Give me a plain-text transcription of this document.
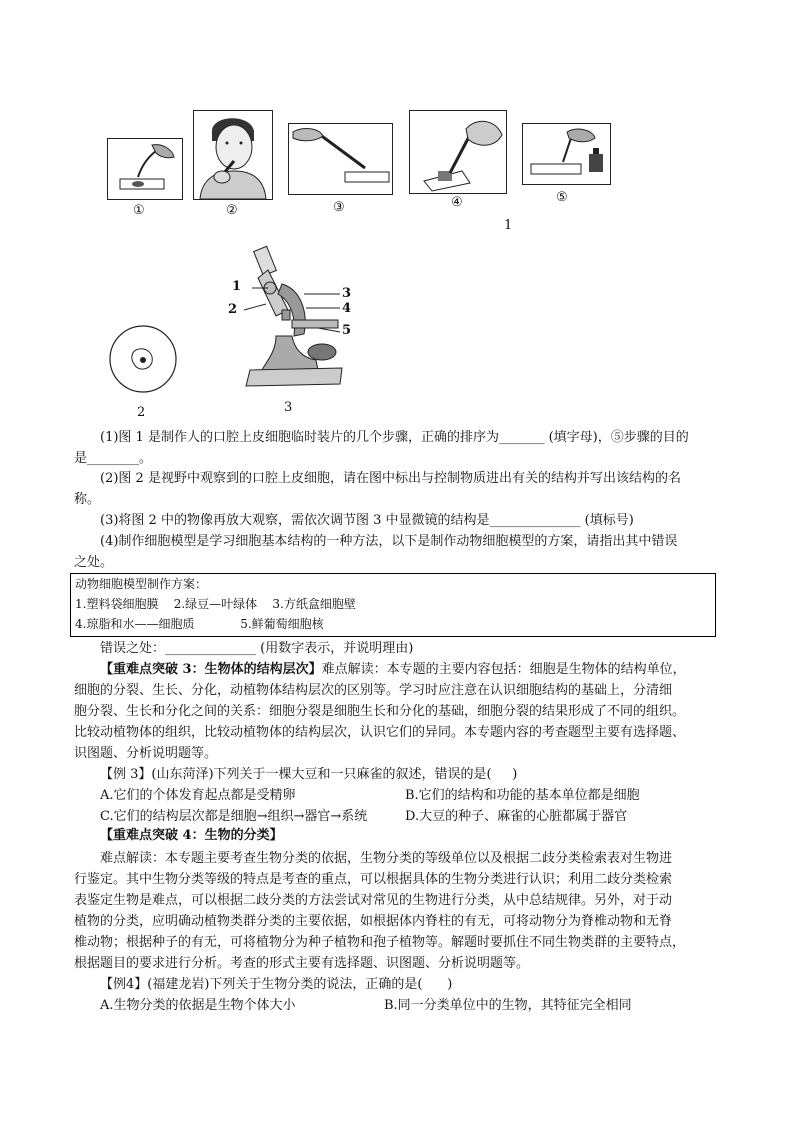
①	②	③	④	⑤
1
2
1
2
3
4
5
3
(1)图 1 是制作人的口腔上皮细胞临时装片的几个步骤，正确的排序为_______ (填字母)，⑤步骤的目的
是________。
(2)图 2 是视野中观察到的口腔上皮细胞，请在图中标出与控制物质进出有关的结构并写出该结构的名
称。
(3)将图 2 中的物像再放大观察，需依次调节图 3 中显微镜的结构是______________ (填标号)
(4)制作细胞模型是学习细胞基本结构的一种方法，以下是制作动物细胞模型的方案，请指出其中错误
之处。
动物细胞模型制作方案：
1.塑料袋细胞膜    2.绿豆—叶绿体    3.方纸盒细胞壁
4.琼脂和水——细胞质            5.鲜葡萄细胞核
错误之处：______________ (用数字表示，并说明理由)
【重难点突破 3：生物体的结构层次】难点解读：本专题的主要内容包括：细胞是生物体的结构单位，
细胞的分裂、生长、分化，动植物体结构层次的区别等。学习时应注意在认识细胞结构的基础上，分清细
胞分裂、生长和分化之间的关系：细胞分裂是细胞生长和分化的基础，细胞分裂的结果形成了不同的组织。
比较动植物体的组织，比较动植物体的结构层次，认识它们的异同。本专题内容的考查题型主要有选择题、
识图题、分析说明题等。
【例 3】(山东菏泽)下列关于一棵大豆和一只麻雀的叙述，错误的是(     )
A.它们的个体发育起点都是受精卵	B.它们的结构和功能的基本单位都是细胞
C.它们的结构层次都是细胞→组织→器官→系统	D.大豆的种子、麻雀的心脏都属于器官
【重难点突破 4：生物的分类】
难点解读：本专题主要考查生物分类的依据，生物分类的等级单位以及根据二歧分类检索表对生物进
行鉴定。其中生物分类等级的特点是考查的重点，可以根据具体的生物分类进行认识；利用二歧分类检索
表鉴定生物是难点，可以根据二歧分类的方法尝试对常见的生物进行分类，从中总结规律。另外，对于动
植物的分类，应明确动植物类群分类的主要依据，如根据体内脊柱的有无，可将动物分为脊椎动物和无脊
椎动物；根据种子的有无，可将植物分为种子植物和孢子植物等。解题时要抓住不同生物类群的主要特点，
根据题目的要求进行分析。考查的形式主要有选择题、识图题、分析说明题等。
【例4】(福建龙岩)下列关于生物分类的说法，正确的是(      )
A.生物分类的依据是生物个体大小	B.同一分类单位中的生物，其特征完全相同
